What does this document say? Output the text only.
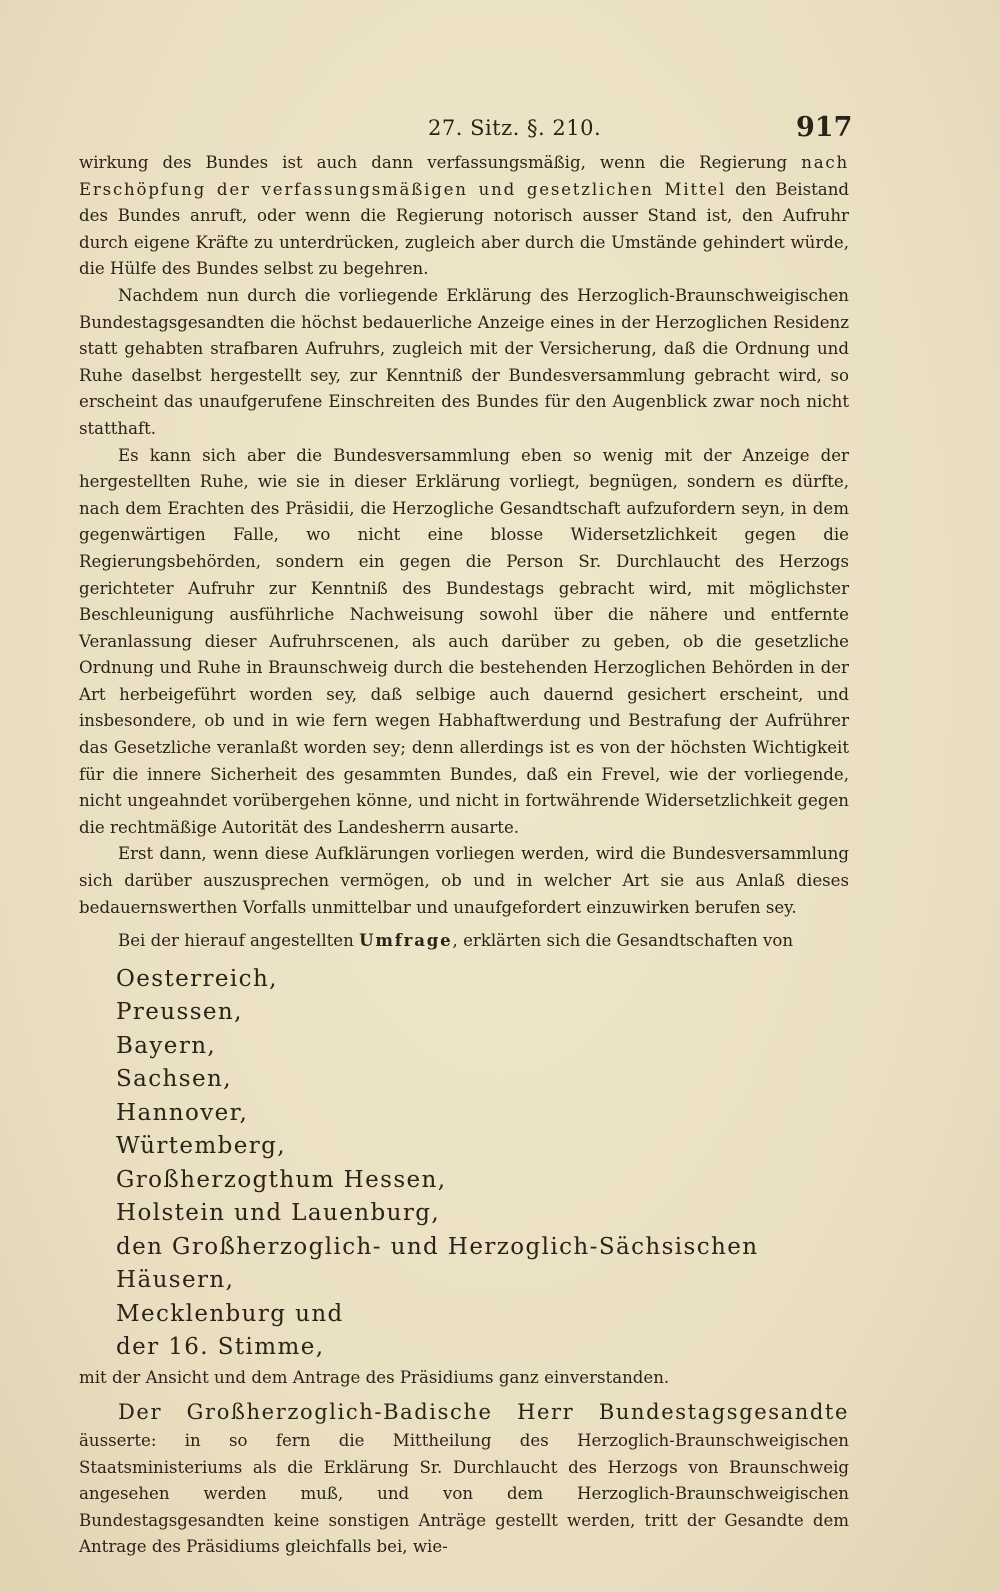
27. Sitz. §. 210.	917

wirkung des Bundes ist auch dann verfassungsmäßig, wenn die Regierung nach Erschöpfung der verfassungsmäßigen und gesetzlichen Mittel den Beistand des Bundes anruft, oder wenn die Regierung notorisch ausser Stand ist, den Aufruhr durch eigene Kräfte zu unterdrücken, zugleich aber durch die Umstände gehindert würde, die Hülfe des Bundes selbst zu begehren.

Nachdem nun durch die vorliegende Erklärung des Herzoglich-Braunschweigischen Bundestagsgesandten die höchst bedauerliche Anzeige eines in der Herzoglichen Residenz statt gehabten strafbaren Aufruhrs, zugleich mit der Versicherung, daß die Ordnung und Ruhe daselbst hergestellt sey, zur Kenntniß der Bundesversammlung gebracht wird, so erscheint das unaufgerufene Einschreiten des Bundes für den Augenblick zwar noch nicht statthaft.

Es kann sich aber die Bundesversammlung eben so wenig mit der Anzeige der hergestellten Ruhe, wie sie in dieser Erklärung vorliegt, begnügen, sondern es dürfte, nach dem Erachten des Präsidii, die Herzogliche Gesandtschaft aufzufordern seyn, in dem gegenwärtigen Falle, wo nicht eine blosse Widersetzlichkeit gegen die Regierungsbehörden, sondern ein gegen die Person Sr. Durchlaucht des Herzogs gerichteter Aufruhr zur Kenntniß des Bundestags gebracht wird, mit möglichster Beschleunigung ausführliche Nachweisung sowohl über die nähere und entfernte Veranlassung dieser Aufruhrscenen, als auch darüber zu geben, ob die gesetzliche Ordnung und Ruhe in Braunschweig durch die bestehenden Herzoglichen Behörden in der Art herbeigeführt worden sey, daß selbige auch dauernd gesichert erscheint, und insbesondere, ob und in wie fern wegen Habhaftwerdung und Bestrafung der Aufrührer das Gesetzliche veranlaßt worden sey; denn allerdings ist es von der höchsten Wichtigkeit für die innere Sicherheit des gesammten Bundes, daß ein Frevel, wie der vorliegende, nicht ungeahndet vorübergehen könne, und nicht in fortwährende Widersetzlichkeit gegen die rechtmäßige Autorität des Landesherrn ausarte.

Erst dann, wenn diese Aufklärungen vorliegen werden, wird die Bundesversammlung sich darüber auszusprechen vermögen, ob und in welcher Art sie aus Anlaß dieses bedauernswerthen Vorfalls unmittelbar und unaufgefordert einzuwirken berufen sey.

Bei der hierauf angestellten Umfrage, erklärten sich die Gesandtschaften von

Oesterreich,
Preussen,
Bayern,
Sachsen,
Hannover,
Würtemberg,
Großherzogthum Hessen,
Holstein und Lauenburg,
den Großherzoglich- und Herzoglich-Sächsischen Häusern,
Mecklenburg und
der 16. Stimme,

mit der Ansicht und dem Antrage des Präsidiums ganz einverstanden.

Der Großherzoglich-Badische Herr Bundestagsgesandte äusserte: in so fern die Mittheilung des Herzoglich-Braunschweigischen Staatsministeriums als die Erklärung Sr. Durchlaucht des Herzogs von Braunschweig angesehen werden muß, und von dem Herzoglich-Braunschweigischen Bundestagsgesandten keine sonstigen Anträge gestellt werden, tritt der Gesandte dem Antrage des Präsidiums gleichfalls bei, wie-
